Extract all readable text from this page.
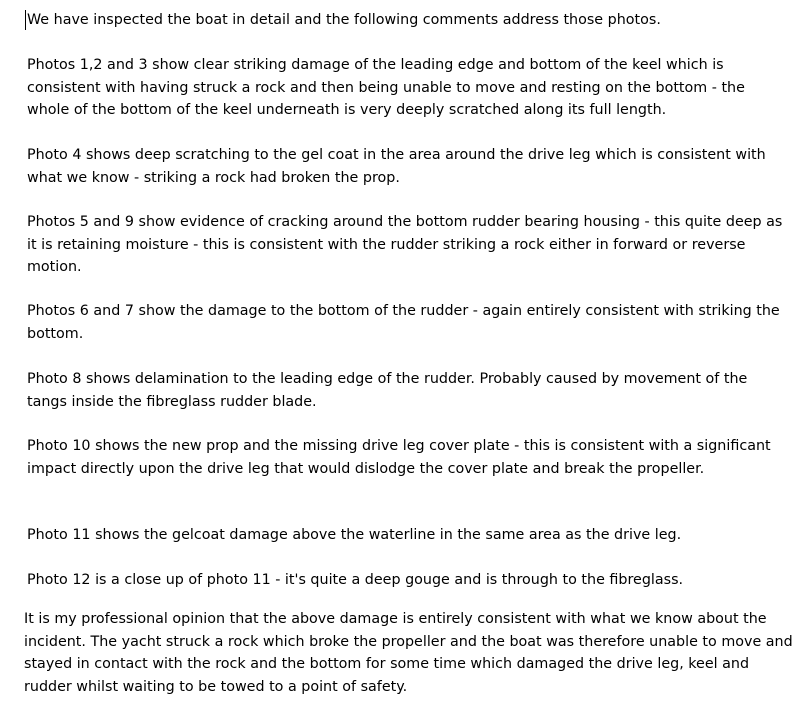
We have inspected the boat in detail and the following comments address those photos.

Photos 1,2 and 3 show clear striking damage of the leading edge and bottom of the keel which is consistent with having struck a rock and then being unable to move and resting on the bottom - the whole of the bottom of the keel underneath is very deeply scratched along its full length.

Photo 4 shows deep scratching to the gel coat in the area around the drive leg which is consistent with what we know - striking a rock had broken the prop.

Photos 5 and 9 show evidence of cracking around the bottom rudder bearing housing - this quite deep as it is retaining moisture - this is consistent with the rudder striking a rock either in forward or reverse motion.

Photos 6 and 7 show the damage to the bottom of the rudder - again entirely consistent with striking the bottom.

Photo 8 shows delamination to the leading edge of the rudder. Probably caused by movement of the tangs inside the fibreglass rudder blade.

Photo 10 shows the new prop and the missing drive leg cover plate - this is consistent with a significant impact directly upon the drive leg that would dislodge the cover plate and break the propeller.

Photo 11 shows the gelcoat damage above the waterline in the same area as the drive leg.

Photo 12 is a close up of photo 11 - it's quite a deep gouge and is through to the fibreglass.

It is my professional opinion that the above damage is entirely consistent with what we know about the incident. The yacht struck a rock which broke the propeller and the boat was therefore unable to move and stayed in contact with the rock and the bottom for some time which damaged the drive leg, keel and rudder whilst waiting to be towed to a point of safety.
